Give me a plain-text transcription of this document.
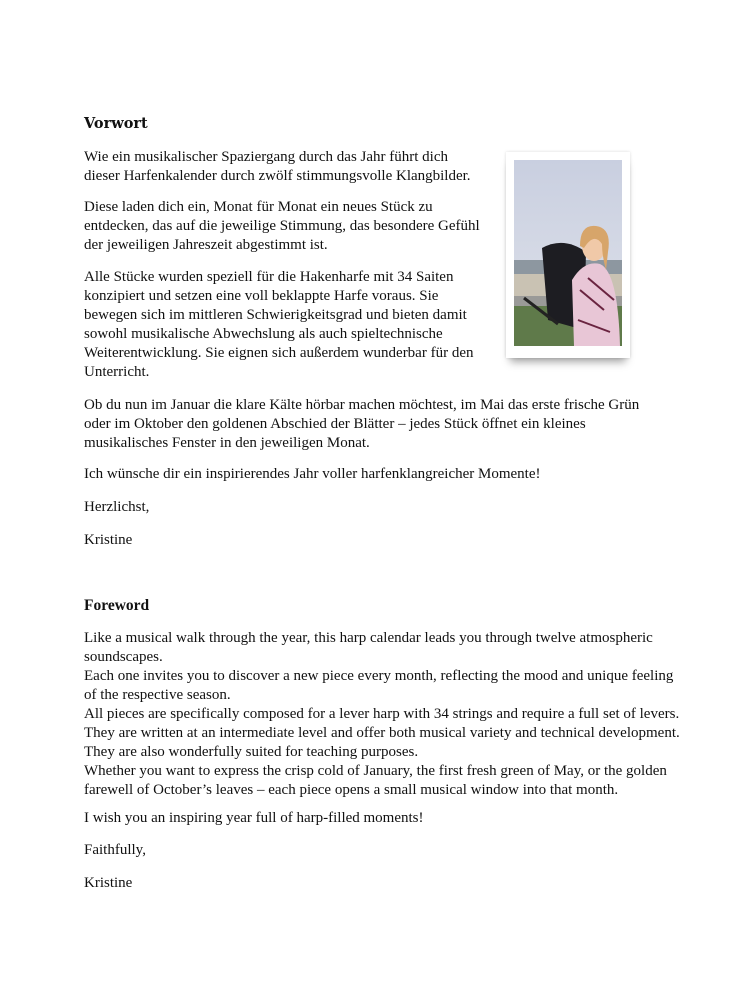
Vorwort

Wie ein musikalischer Spaziergang durch das Jahr führt dich dieser Harfenkalender durch zwölf stimmungsvolle Klangbilder.

Diese laden dich ein, Monat für Monat ein neues Stück zu entdecken, das auf die jeweilige Stimmung, das besondere Gefühl der jeweiligen Jahreszeit abgestimmt ist.

Alle Stücke wurden speziell für die Hakenharfe mit 34 Saiten konzipiert und setzen eine voll beklappte Harfe voraus. Sie bewegen sich im mittleren Schwierigkeitsgrad und bieten damit sowohl musikalische Abwechslung als auch spieltechnische Weiterentwicklung. Sie eignen sich außerdem wunderbar für den Unterricht.

Ob du nun im Januar die klare Kälte hörbar machen möchtest, im Mai das erste frische Grün oder im Oktober den goldenen Abschied der Blätter – jedes Stück öffnet ein kleines musikalisches Fenster in den jeweiligen Monat.

Ich wünsche dir ein inspirierendes Jahr voller harfenklangreicher Momente!

Herzlichst,

Kristine

Foreword

Like a musical walk through the year, this harp calendar leads you through twelve atmospheric soundscapes.

Each one invites you to discover a new piece every month, reflecting the mood and unique feeling of the respective season.

All pieces are specifically composed for a lever harp with 34 strings and require a full set of levers. They are written at an intermediate level and offer both musical variety and technical development. They are also wonderfully suited for teaching purposes.

Whether you want to express the crisp cold of January, the first fresh green of May, or the golden farewell of October’s leaves – each piece opens a small musical window into that month.

I wish you an inspiring year full of harp-filled moments!

Faithfully,

Kristine
